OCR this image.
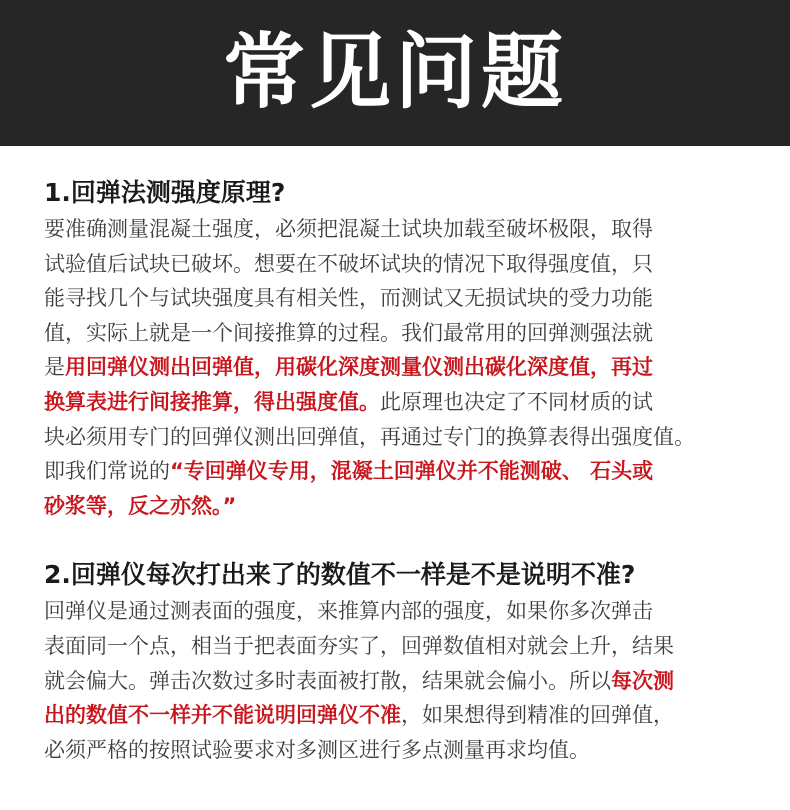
常见问题
1.回弹法测强度原理?
要准确测量混凝土强度，必须把混凝土试块加载至破坏极限，取得
试验值后试块已破坏。想要在不破坏试块的情况下取得强度值，只
能寻找几个与试块强度具有相关性，而测试又无损试块的受力功能
值，实际上就是一个间接推算的过程。我们最常用的回弹测强法就
是用回弹仪测出回弹值，用碳化深度测量仪测出碳化深度值，再过
换算表进行间接推算，得出强度值。此原理也决定了不同材质的试
块必须用专门的回弹仪测出回弹值，再通过专门的换算表得出强度值。
即我们常说的“专回弹仪专用，混凝土回弹仪并不能测破、 石头或
砂浆等，反之亦然。”
2.回弹仪每次打出来了的数值不一样是不是说明不准?
回弹仪是通过测表面的强度，来推算内部的强度，如果你多次弹击
表面同一个点，相当于把表面夯实了，回弹数值相对就会上升，结果
就会偏大。弹击次数过多时表面被打散，结果就会偏小。所以每次测
出的数值不一样并不能说明回弹仪不准，如果想得到精准的回弹值，
必须严格的按照试验要求对多测区进行多点测量再求均值。
